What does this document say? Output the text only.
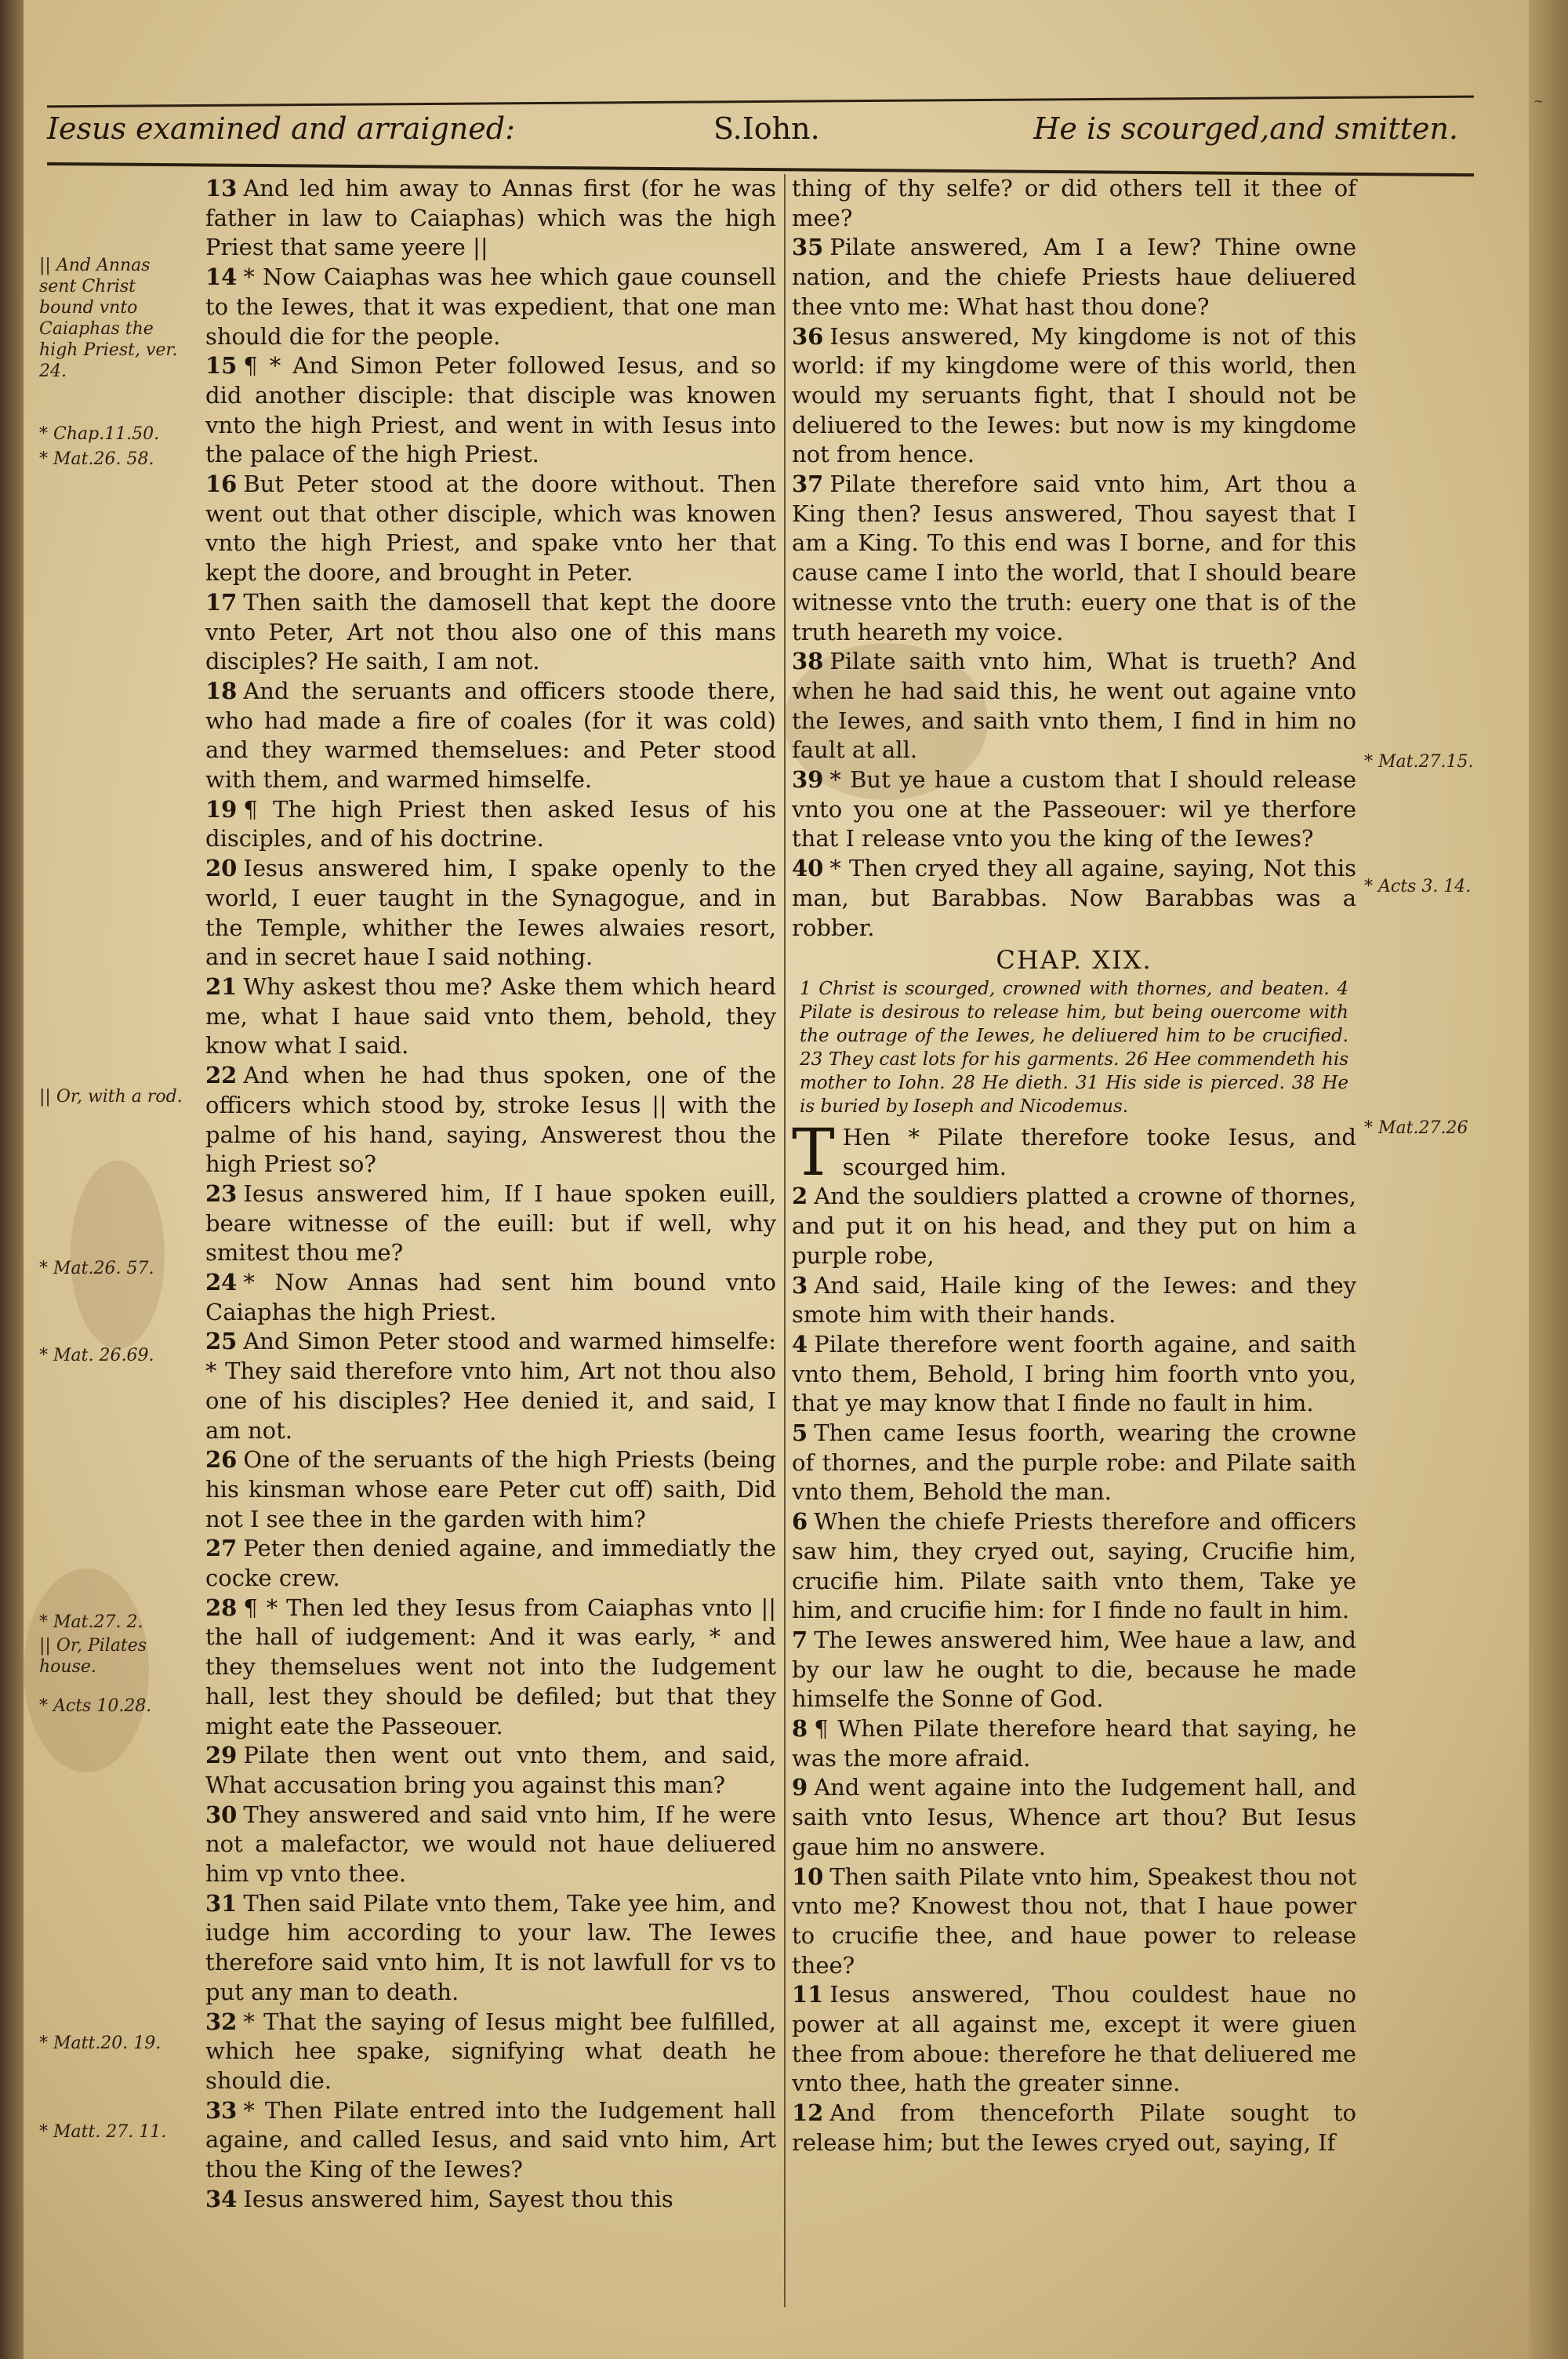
~
Iesus examined and arraigned:	S.Iohn.	He is scourged,and smitten.
13 And led him away to Annas first (for he was father in law to Caiaphas) which was the high Priest that same yeere ||
14 * Now Caiaphas was hee which gaue counsell to the Iewes, that it was expedient, that one man should die for the people.
15 ¶ * And Simon Peter followed Iesus, and so did another disciple: that disciple was knowen vnto the high Priest, and went in with Iesus into the palace of the high Priest.
16 But Peter stood at the doore without. Then went out that other disciple, which was knowen vnto the high Priest, and spake vnto her that kept the doore, and brought in Peter.
17 Then saith the damosell that kept the doore vnto Peter, Art not thou also one of this mans disciples? He saith, I am not.
18 And the seruants and officers stoode there, who had made a fire of coales (for it was cold) and they warmed themselues: and Peter stood with them, and warmed himselfe.
19 ¶ The high Priest then asked Iesus of his disciples, and of his doctrine.
20 Iesus answered him, I spake openly to the world, I euer taught in the Synagogue, and in the Temple, whither the Iewes alwaies resort, and in secret haue I said nothing.
21 Why askest thou me? Aske them which heard me, what I haue said vnto them, behold, they know what I said.
22 And when he had thus spoken, one of the officers which stood by, stroke Iesus || with the palme of his hand, saying, Answerest thou the high Priest so?
23 Iesus answered him, If I haue spoken euill, beare witnesse of the euill: but if well, why smitest thou me?
24 * Now Annas had sent him bound vnto Caiaphas the high Priest.
25 And Simon Peter stood and warmed himselfe: * They said therefore vnto him, Art not thou also one of his disciples? Hee denied it, and said, I am not.
26 One of the seruants of the high Priests (being his kinsman whose eare Peter cut off) saith, Did not I see thee in the garden with him?
27 Peter then denied againe, and immediatly the cocke crew.
28 ¶ * Then led they Iesus from Caiaphas vnto || the hall of iudgement: And it was early, * and they themselues went not into the Iudgement hall, lest they should be defiled; but that they might eate the Passeouer.
29 Pilate then went out vnto them, and said, What accusation bring you against this man?
30 They answered and said vnto him, If he were not a malefactor, we would not haue deliuered him vp vnto thee.
31 Then said Pilate vnto them, Take yee him, and iudge him according to your law. The Iewes therefore said vnto him, It is not lawfull for vs to put any man to death.
32 * That the saying of Iesus might bee fulfilled, which hee spake, signifying what death he should die.
33 * Then Pilate entred into the Iudgement hall againe, and called Iesus, and said vnto him, Art thou the King of the Iewes?
34 Iesus answered him, Sayest thou this
thing of thy selfe? or did others tell it thee of mee?
35 Pilate answered, Am I a Iew? Thine owne nation, and the chiefe Priests haue deliuered thee vnto me: What hast thou done?
36 Iesus answered, My kingdome is not of this world: if my kingdome were of this world, then would my seruants fight, that I should not be deliuered to the Iewes: but now is my kingdome not from hence.
37 Pilate therefore said vnto him, Art thou a King then? Iesus answered, Thou sayest that I am a King. To this end was I borne, and for this cause came I into the world, that I should beare witnesse vnto the truth: euery one that is of the truth heareth my voice.
38 Pilate saith vnto him, What is trueth? And when he had said this, he went out againe vnto the Iewes, and saith vnto them, I find in him no fault at all.
39 * But ye haue a custom that I should release vnto you one at the Passeouer: wil ye therfore that I release vnto you the king of the Iewes?
40 * Then cryed they all againe, saying, Not this man, but Barabbas. Now Barabbas was a robber.
CHAP. XIX.
1 Christ is scourged, crowned with thornes, and beaten. 4 Pilate is desirous to release him, but being ouercome with the outrage of the Iewes, he deliuered him to be crucified. 23 They cast lots for his garments. 26 Hee commendeth his mother to Iohn. 28 He dieth. 31 His side is pierced. 38 He is buried by Ioseph and Nicodemus.
T Hen * Pilate therefore tooke Iesus, and scourged him.
2 And the souldiers platted a crowne of thornes, and put it on his head, and they put on him a purple robe,
3 And said, Haile king of the Iewes: and they smote him with their hands.
4 Pilate therefore went foorth againe, and saith vnto them, Behold, I bring him foorth vnto you, that ye may know that I finde no fault in him.
5 Then came Iesus foorth, wearing the crowne of thornes, and the purple robe: and Pilate saith vnto them, Behold the man.
6 When the chiefe Priests therefore and officers saw him, they cryed out, saying, Crucifie him, crucifie him. Pilate saith vnto them, Take ye him, and crucifie him: for I finde no fault in him.
7 The Iewes answered him, Wee haue a law, and by our law he ought to die, because he made himselfe the Sonne of God.
8 ¶ When Pilate therefore heard that saying, he was the more afraid.
9 And went againe into the Iudgement hall, and saith vnto Iesus, Whence art thou? But Iesus gaue him no answere.
10 Then saith Pilate vnto him, Speakest thou not vnto me? Knowest thou not, that I haue power to crucifie thee, and haue power to release thee?
11 Iesus answered, Thou couldest haue no power at all against me, except it were giuen thee from aboue: therefore he that deliuered me vnto thee, hath the greater sinne.
12 And from thenceforth Pilate sought to release him; but the Iewes cryed out, saying, If
|| And Annas sent Christ bound vnto Caiaphas the high Priest, ver. 24.
* Chap.11.50.
* Mat.26. 58.
|| Or, with a rod.
* Mat.26. 57.
* Mat. 26.69.
* Mat.27. 2.
|| Or, Pilates house.
* Acts 10.28.
* Matt.20. 19.
* Matt. 27. 11.
* Mat.27.15.
* Acts 3. 14.
* Mat.27.26
